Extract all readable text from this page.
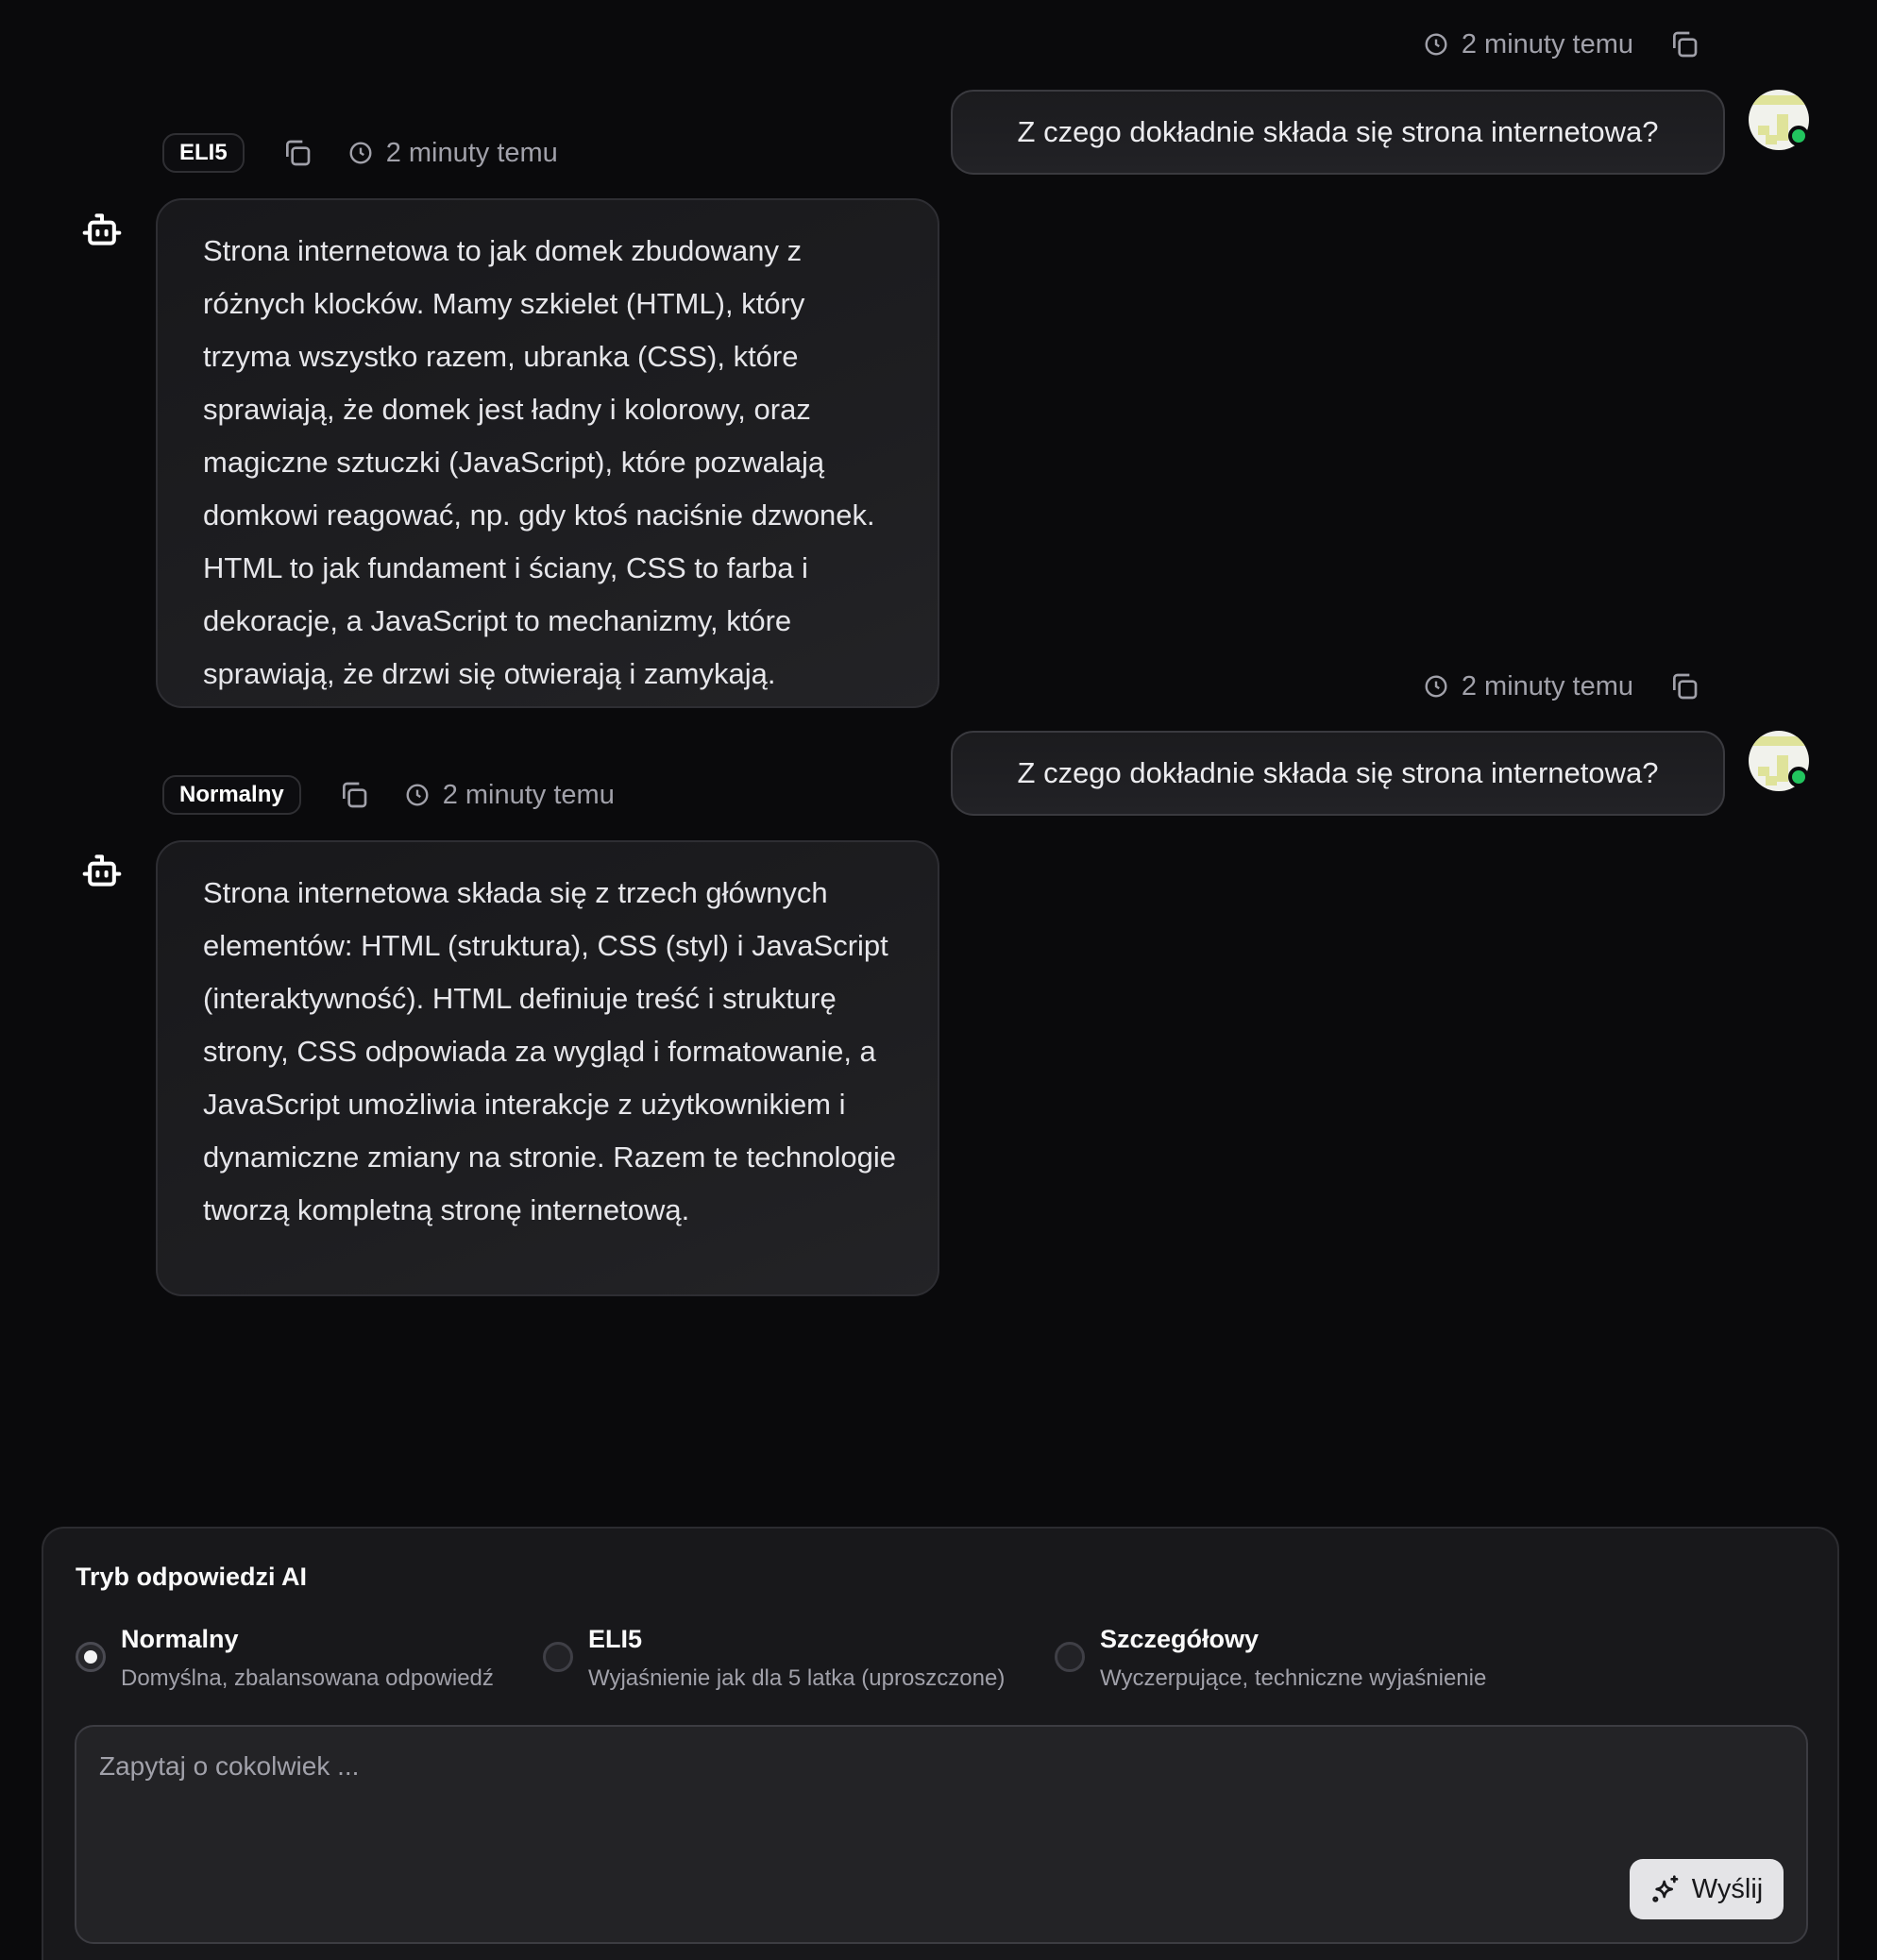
2 minuty temu
Z czego dokładnie składa się strona internetowa?
ELI5	2 minuty temu
Strona internetowa to jak domek zbudowany z różnych klocków. Mamy szkielet (HTML), który trzyma wszystko razem, ubranka (CSS), które sprawiają, że domek jest ładny i kolorowy, oraz magiczne sztuczki (JavaScript), które pozwalają domkowi reagować, np. gdy ktoś naciśnie dzwonek. HTML to jak fundament i ściany, CSS to farba i dekoracje, a JavaScript to mechanizmy, które sprawiają, że drzwi się otwierają i zamykają.	2 minuty temu
Z czego dokładnie składa się strona internetowa?
Normalny	2 minuty temu
Strona internetowa składa się z trzech głównych elementów: HTML (struktura), CSS (styl) i JavaScript (interaktywność). HTML definiuje treść i strukturę strony, CSS odpowiada za wygląd i formatowanie, a JavaScript umożliwia interakcje z użytkownikiem i dynamiczne zmiany na stronie. Razem te technologie tworzą kompletną stronę internetową.
Tryb odpowiedzi AI
Normalny
Domyślna, zbalansowana odpowiedź
ELI5
Wyjaśnienie jak dla 5 latka (uproszczone)
Szczegółowy
Wyczerpujące, techniczne wyjaśnienie
Zapytaj o cokolwiek ...
Wyślij
